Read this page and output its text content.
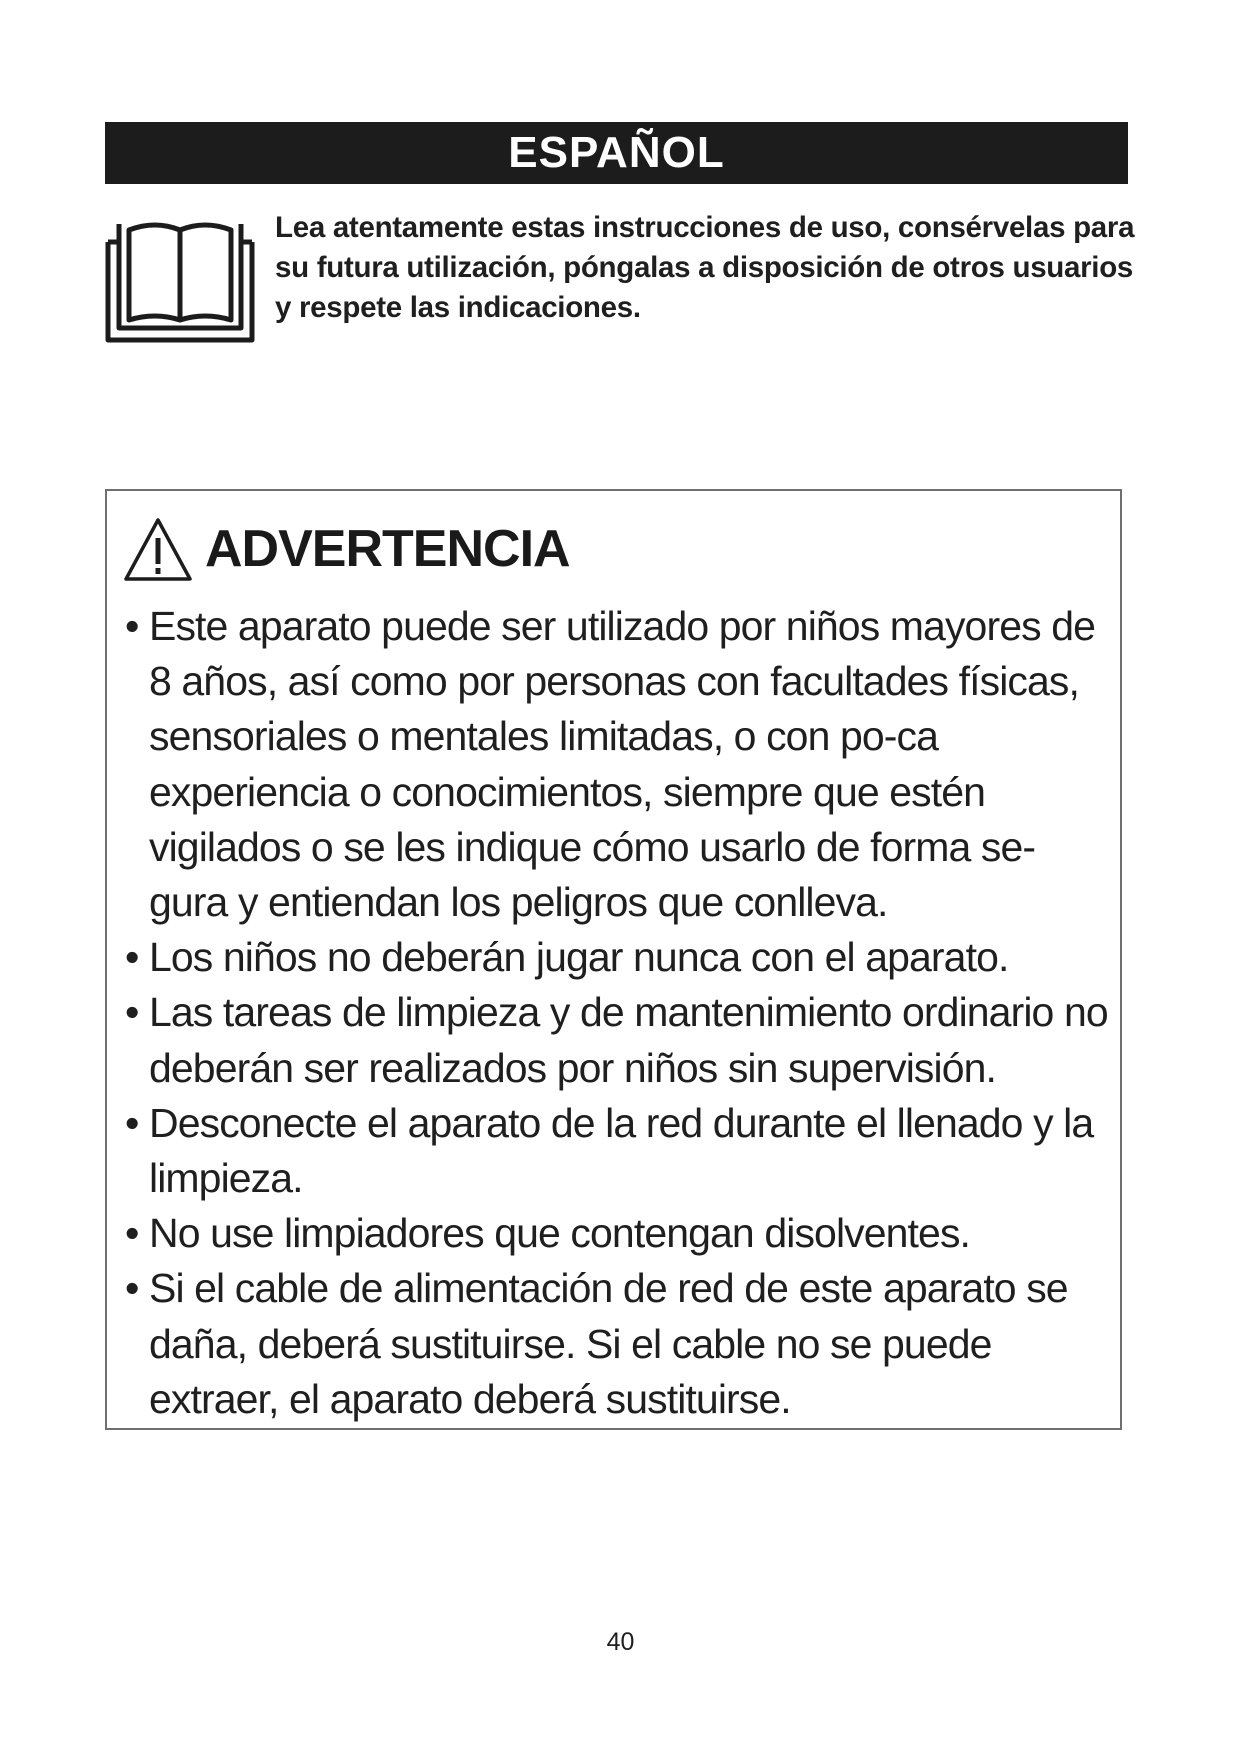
ESPAÑOL
Lea atentamente estas instrucciones de uso, consérvelas para su futura utilización, póngalas a disposición de otros usuarios y respete las indicaciones.
ADVERTENCIA
• Este aparato puede ser utilizado por niños mayores de 8 años, así como por personas con facultades físicas, sensoriales o mentales limitadas, o con po-ca experiencia o conocimientos, siempre que estén vigilados o se les indique cómo usarlo de forma se-gura y entiendan los peligros que conlleva.
• Los niños no deberán jugar nunca con el aparato.
• Las tareas de limpieza y de mantenimiento ordinario no deberán ser realizados por niños sin supervisión.
• Desconecte el aparato de la red durante el llenado y la limpieza.
• No use limpiadores que contengan disolventes.
• Si el cable de alimentación de red de este aparato se daña, deberá sustituirse. Si el cable no se puede extraer, el aparato deberá sustituirse.
40
